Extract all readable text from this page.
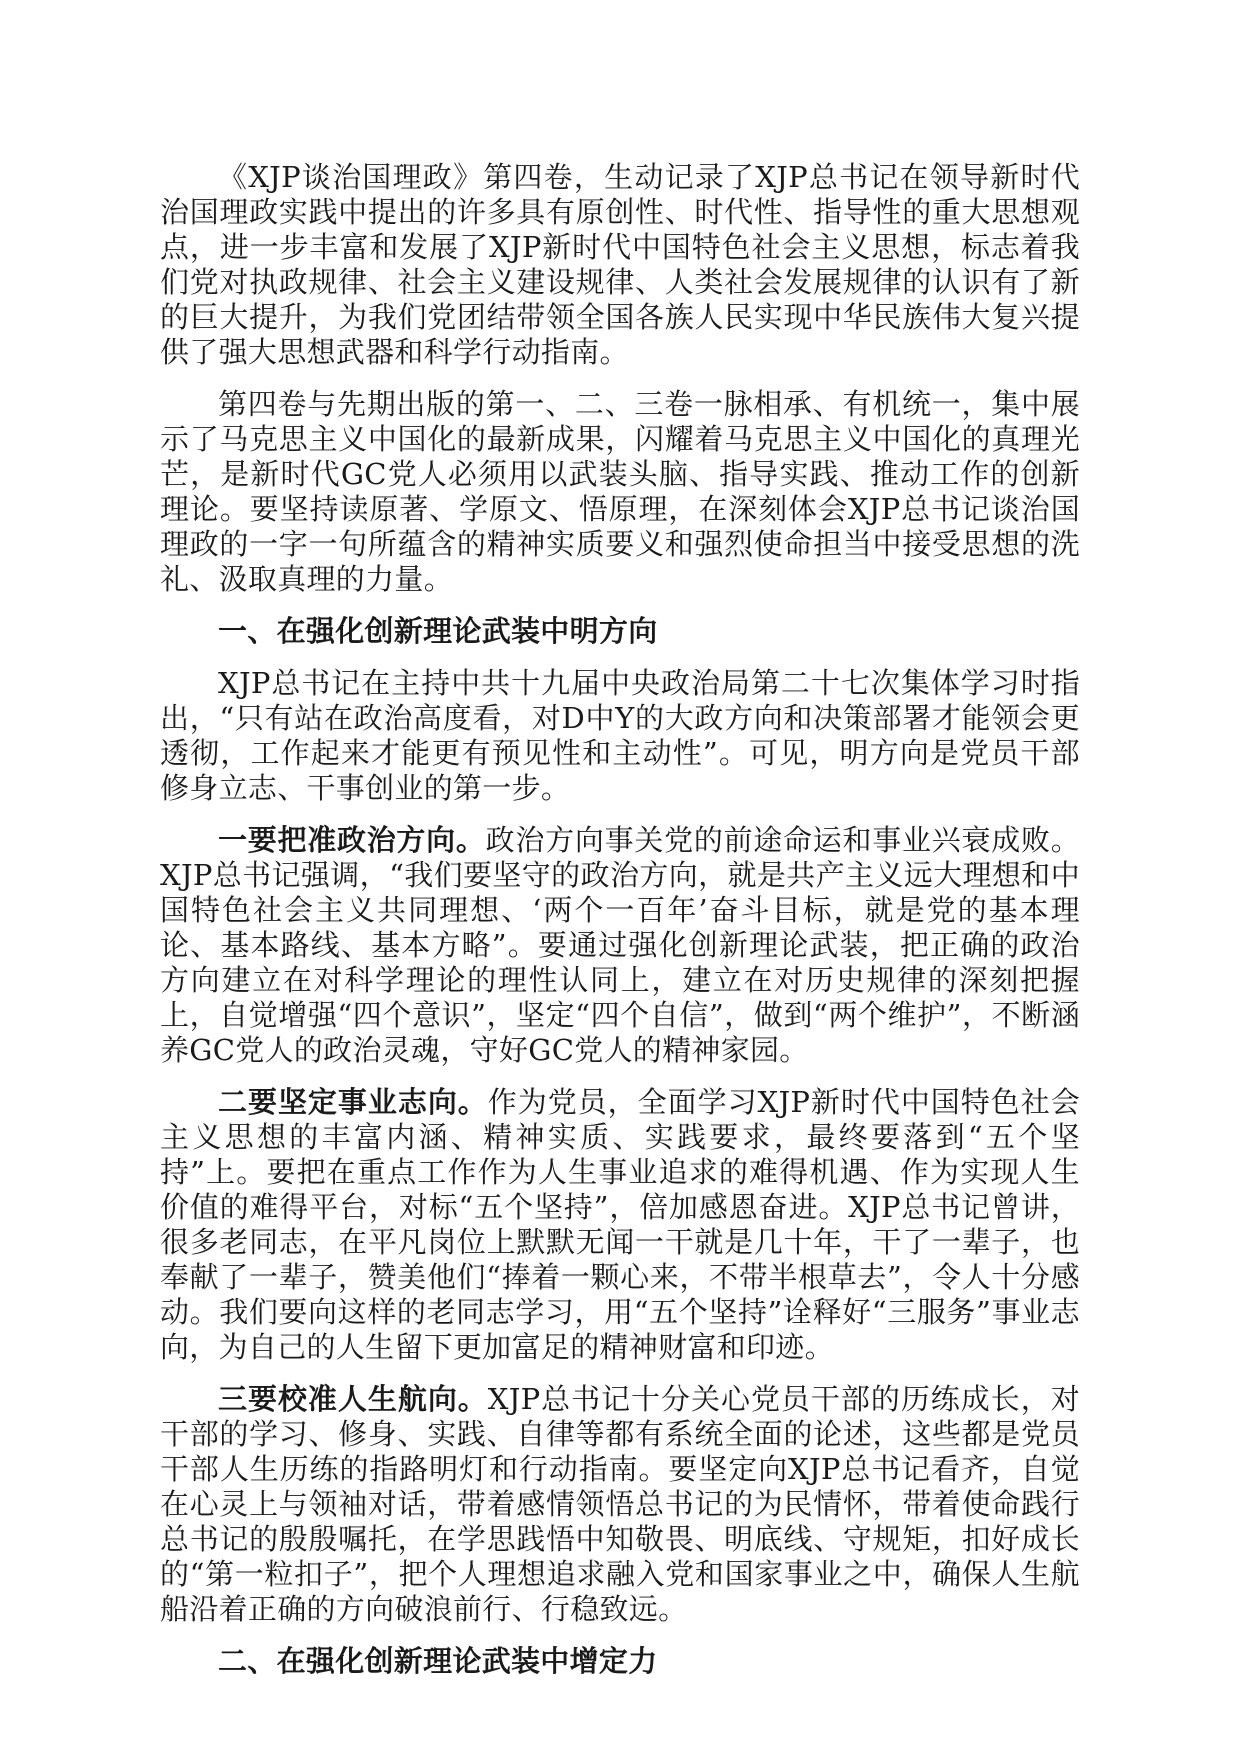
《XJP谈治国理政》第四卷，生动记录了XJP总书记在领导新时代治国理政实践中提出的许多具有原创性、时代性、指导性的重大思想观点，进一步丰富和发展了XJP新时代中国特色社会主义思想，标志着我们党对执政规律、社会主义建设规律、人类社会发展规律的认识有了新的巨大提升，为我们党团结带领全国各族人民实现中华民族伟大复兴提供了强大思想武器和科学行动指南。

第四卷与先期出版的第一、二、三卷一脉相承、有机统一，集中展示了马克思主义中国化的最新成果，闪耀着马克思主义中国化的真理光芒，是新时代GC党人必须用以武装头脑、指导实践、推动工作的创新理论。要坚持读原著、学原文、悟原理，在深刻体会XJP总书记谈治国理政的一字一句所蕴含的精神实质要义和强烈使命担当中接受思想的洗礼、汲取真理的力量。

一、在强化创新理论武装中明方向

XJP总书记在主持中共十九届中央政治局第二十七次集体学习时指出，“只有站在政治高度看，对D中Y的大政方向和决策部署才能领会更透彻，工作起来才能更有预见性和主动性”。可见，明方向是党员干部修身立志、干事创业的第一步。

一要把准政治方向。政治方向事关党的前途命运和事业兴衰成败。XJP总书记强调，“我们要坚守的政治方向，就是共产主义远大理想和中国特色社会主义共同理想、‘两个一百年’奋斗目标，就是党的基本理论、基本路线、基本方略”。要通过强化创新理论武装，把正确的政治方向建立在对科学理论的理性认同上，建立在对历史规律的深刻把握上，自觉增强“四个意识”，坚定“四个自信”，做到“两个维护”，不断涵养GC党人的政治灵魂，守好GC党人的精神家园。

二要坚定事业志向。作为党员，全面学习XJP新时代中国特色社会主义思想的丰富内涵、精神实质、实践要求，最终要落到“五个坚持”上。要把在重点工作作为人生事业追求的难得机遇、作为实现人生价值的难得平台，对标“五个坚持”，倍加感恩奋进。XJP总书记曾讲，很多老同志，在平凡岗位上默默无闻一干就是几十年，干了一辈子，也奉献了一辈子，赞美他们“捧着一颗心来，不带半根草去”，令人十分感动。我们要向这样的老同志学习，用“五个坚持”诠释好“三服务”事业志向，为自己的人生留下更加富足的精神财富和印迹。

三要校准人生航向。XJP总书记十分关心党员干部的历练成长，对干部的学习、修身、实践、自律等都有系统全面的论述，这些都是党员干部人生历练的指路明灯和行动指南。要坚定向XJP总书记看齐，自觉在心灵上与领袖对话，带着感情领悟总书记的为民情怀，带着使命践行总书记的殷殷嘱托，在学思践悟中知敬畏、明底线、守规矩，扣好成长的“第一粒扣子”，把个人理想追求融入党和国家事业之中，确保人生航船沿着正确的方向破浪前行、行稳致远。

二、在强化创新理论武装中增定力
